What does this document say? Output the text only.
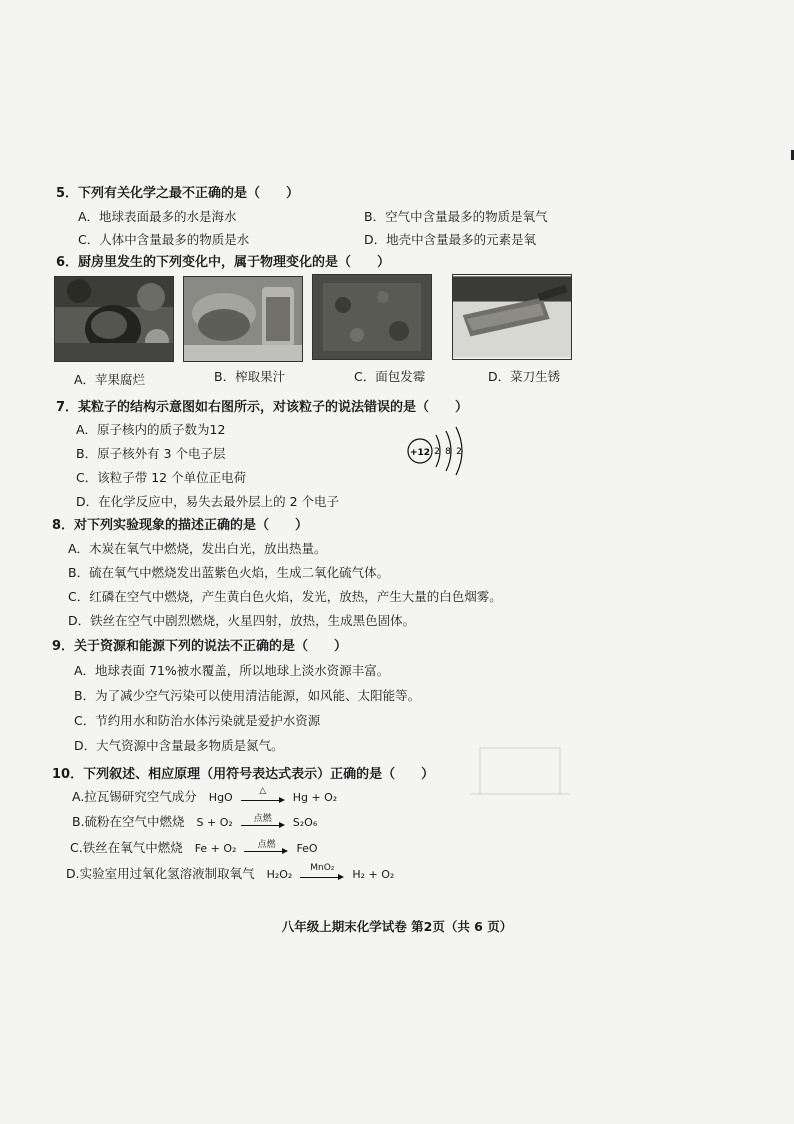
5．下列有关化学之最不正确的是（　　）
A．地球表面最多的水是海水	B．空气中含量最多的物质是氧气
C．人体中含量最多的物质是水	D．地壳中含量最多的元素是氧
6．厨房里发生的下列变化中，属于物理变化的是（　　）
A．苹果腐烂	B．榨取果汁	C．面包发霉	D．菜刀生锈
7．某粒子的结构示意图如右图所示，对该粒子的说法错误的是（　　）
A．原子核内的质子数为12
B．原子核外有 3 个电子层
C．该粒子带 12 个单位正电荷
D．在化学反应中，易失去最外层上的 2 个电子
+12 2 8 2
8．对下列实验现象的描述正确的是（　　）
A．木炭在氧气中燃烧，发出白光，放出热量。
B．硫在氧气中燃烧发出蓝紫色火焰，生成二氧化硫气体。
C．红磷在空气中燃烧，产生黄白色火焰，发光，放热，产生大量的白色烟雾。
D．铁丝在空气中剧烈燃烧，火星四射，放热，生成黑色固体。
9．关于资源和能源下列的说法不正确的是（　　）
A．地球表面 71%被水覆盖，所以地球上淡水资源丰富。
B．为了减少空气污染可以使用清洁能源，如风能、太阳能等。
C．节约用水和防治水体污染就是爱护水资源
D．大气资源中含量最多物质是氮气。
10．下列叙述、相应原理（用符号表达式表示）正确的是（　　）
A.拉瓦锡研究空气成分 HgO
△
Hg + O₂
B.硫粉在空气中燃烧 S + O₂	点燃	S₂O₆
C.铁丝在氧气中燃烧 Fe + O₂	点燃	FeO
D.实验室用过氧化氢溶液制取氧气 H₂O₂
MnO₂
H₂ + O₂
八年级上期末化学试卷 第2页（共 6 页）
